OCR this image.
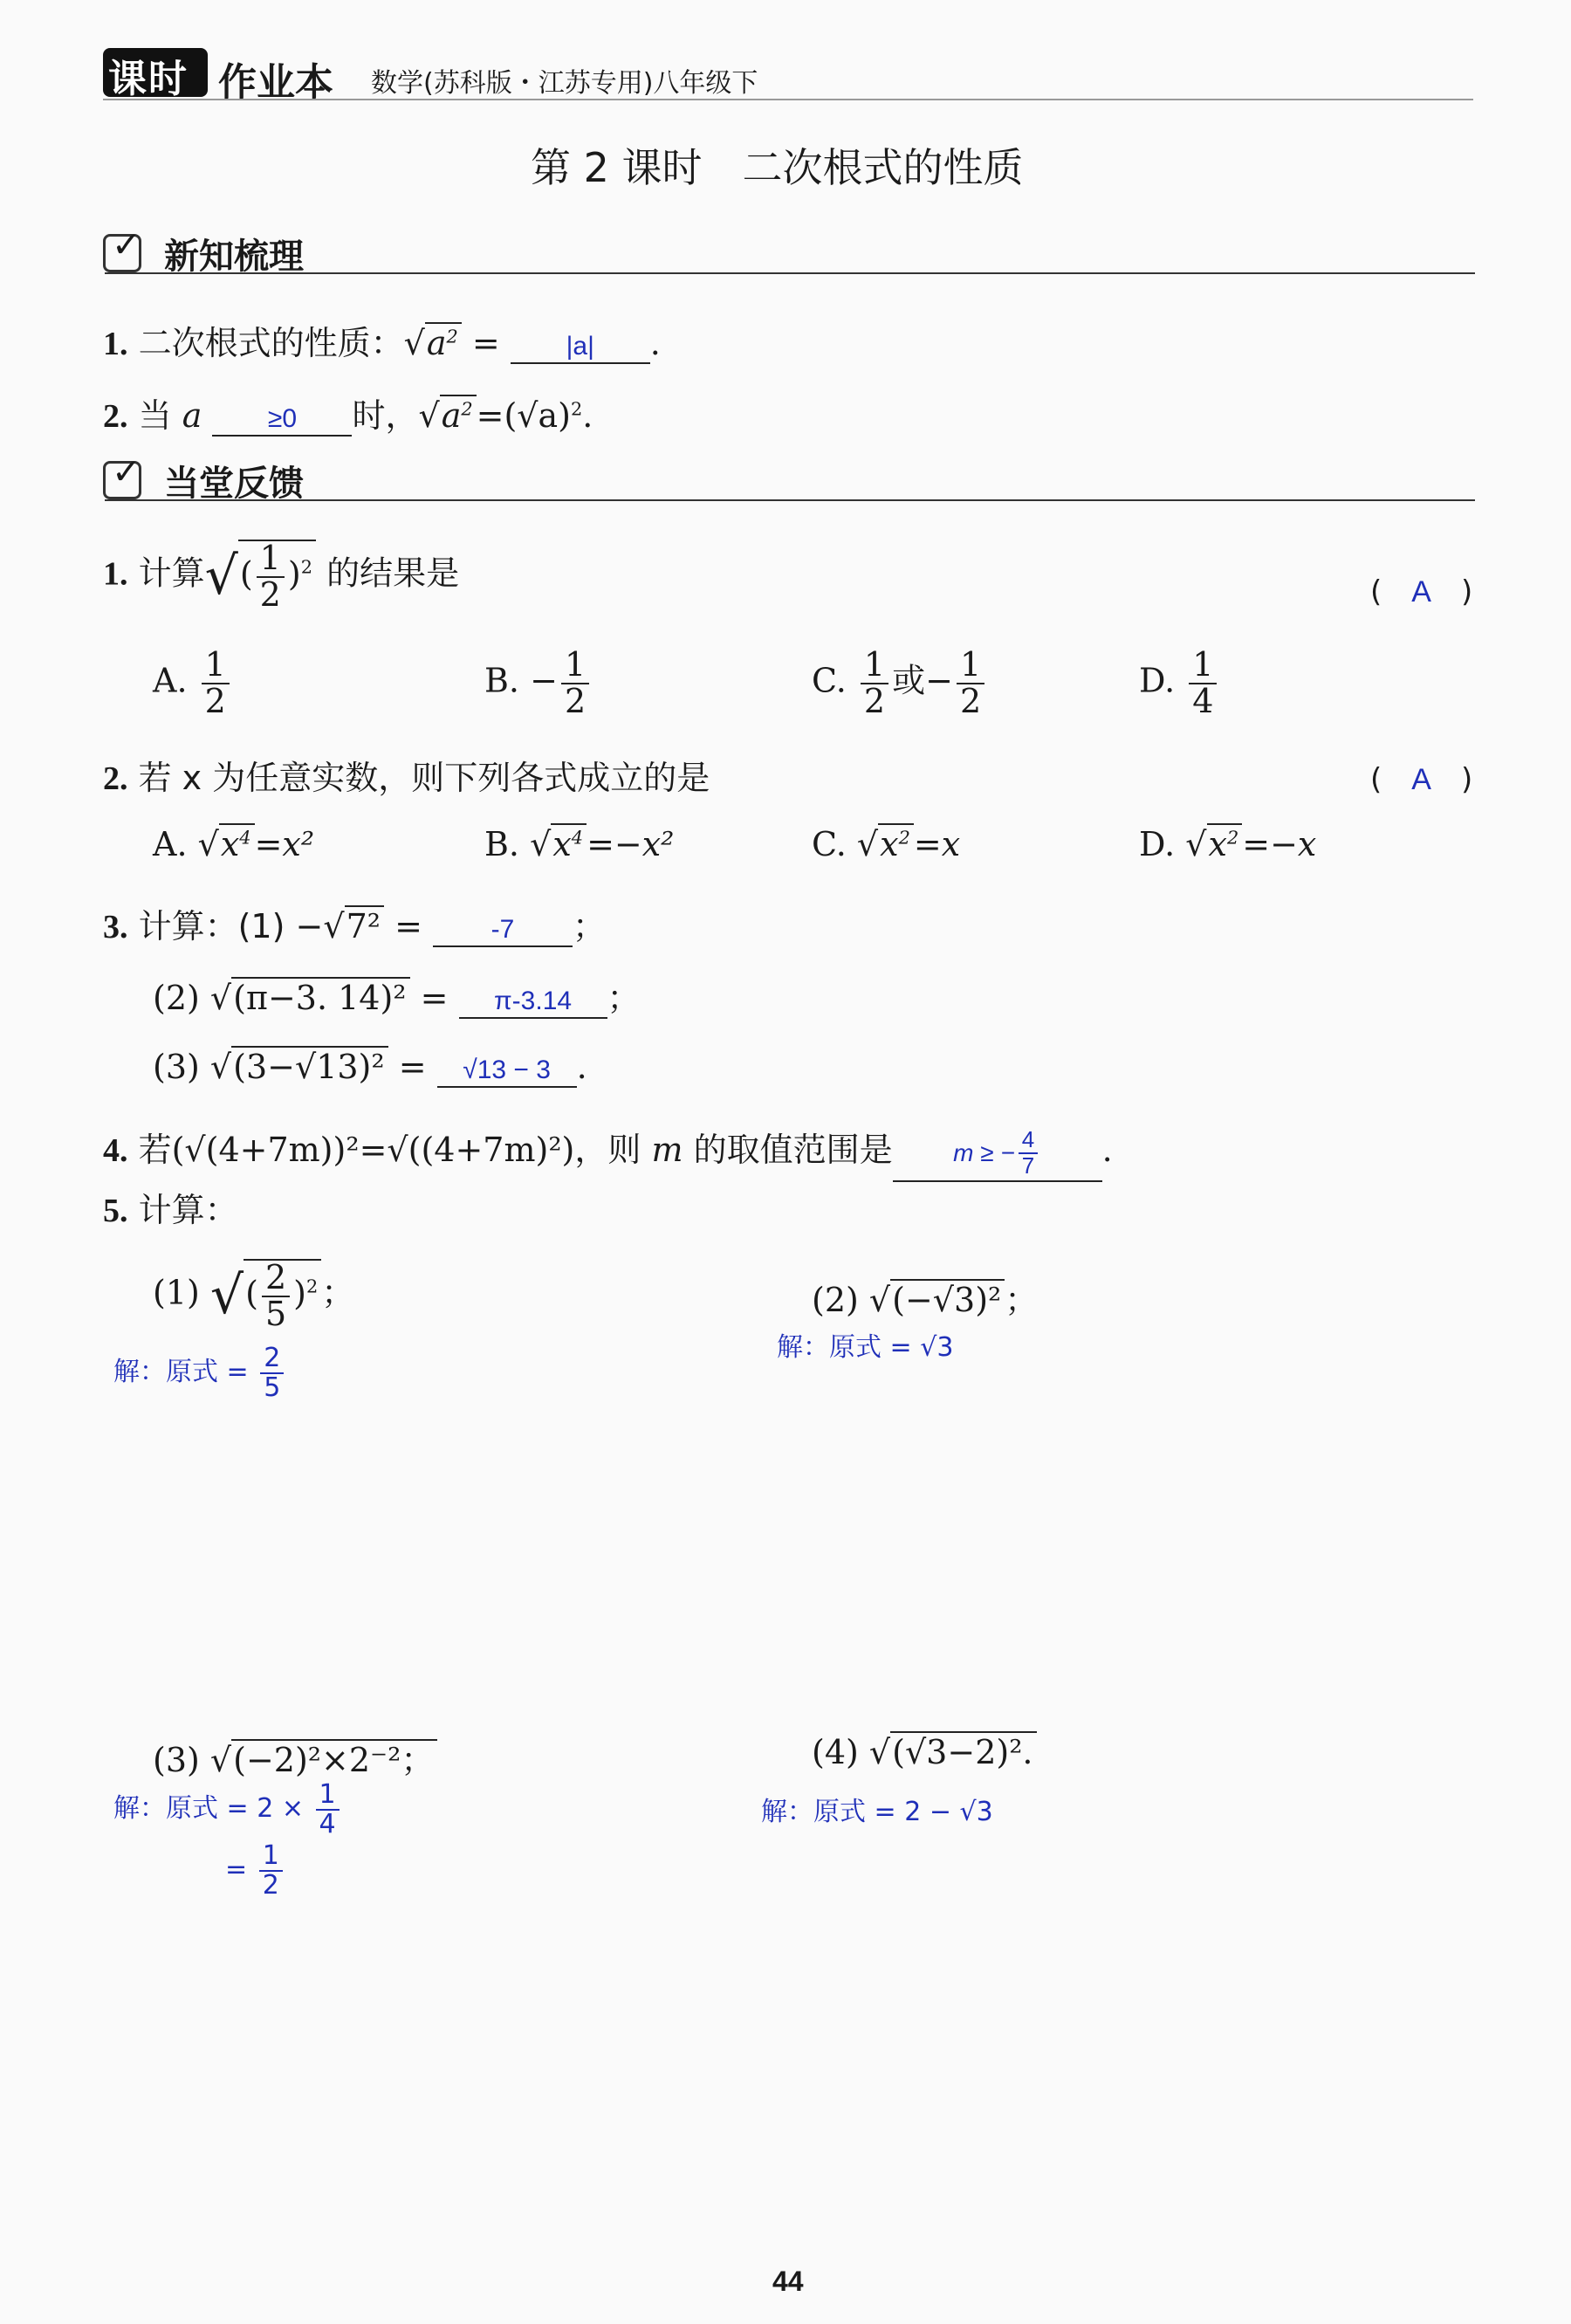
课时 作业本 数学(苏科版・江苏专用)八年级下
第 2 课时　二次根式的性质
✓ 新知梳理
1. 二次根式的性质：$√a^2 = |a|$ .
2. 当 a	≥0 时，$√a^2 =(√a)^2$.
✓ 当堂反馈
1. 计算√( $\frac{1}{2} )^2$ 的结果是	(　A　)
A. $\frac{1}{2}$	B. − $\frac{1}{2}$	C. $\frac{1}{2}$ 或− $\frac{1}{2}$	D. $\frac{1}{4}$
2. 若 x 为任意实数，则下列各式成立的是	(　A　)
A. $√x^4 =x^2$	B. $√x^4 =-x^2$	C. $√x^2 =x$	D. $√x^2 =-x$
3. 计算：(1) −√7² =	-7 ；
(2) √(π−3. 14)² = π-3.14 ；
(3) √(3−√13)² = √13 − 3 .
4. 若(√(4+7m))²=√((4+7m)²)，则 m 的取值范围是 m ≥ − $\frac{4}{7}$ .
5. 计算：
(1) √( $\frac{2}{5} )^2$ ；
解：原式 = $\frac{2}{5}$
(2) √(−√3)² ；
解：原式 = √3
(3) √(−2)²×2⁻²；
解：原式 = $2 \times \frac{1}{4}$
= $\frac{1}{2}$
(4) √(√3−2)².
解：原式 = 2 − √3
44
